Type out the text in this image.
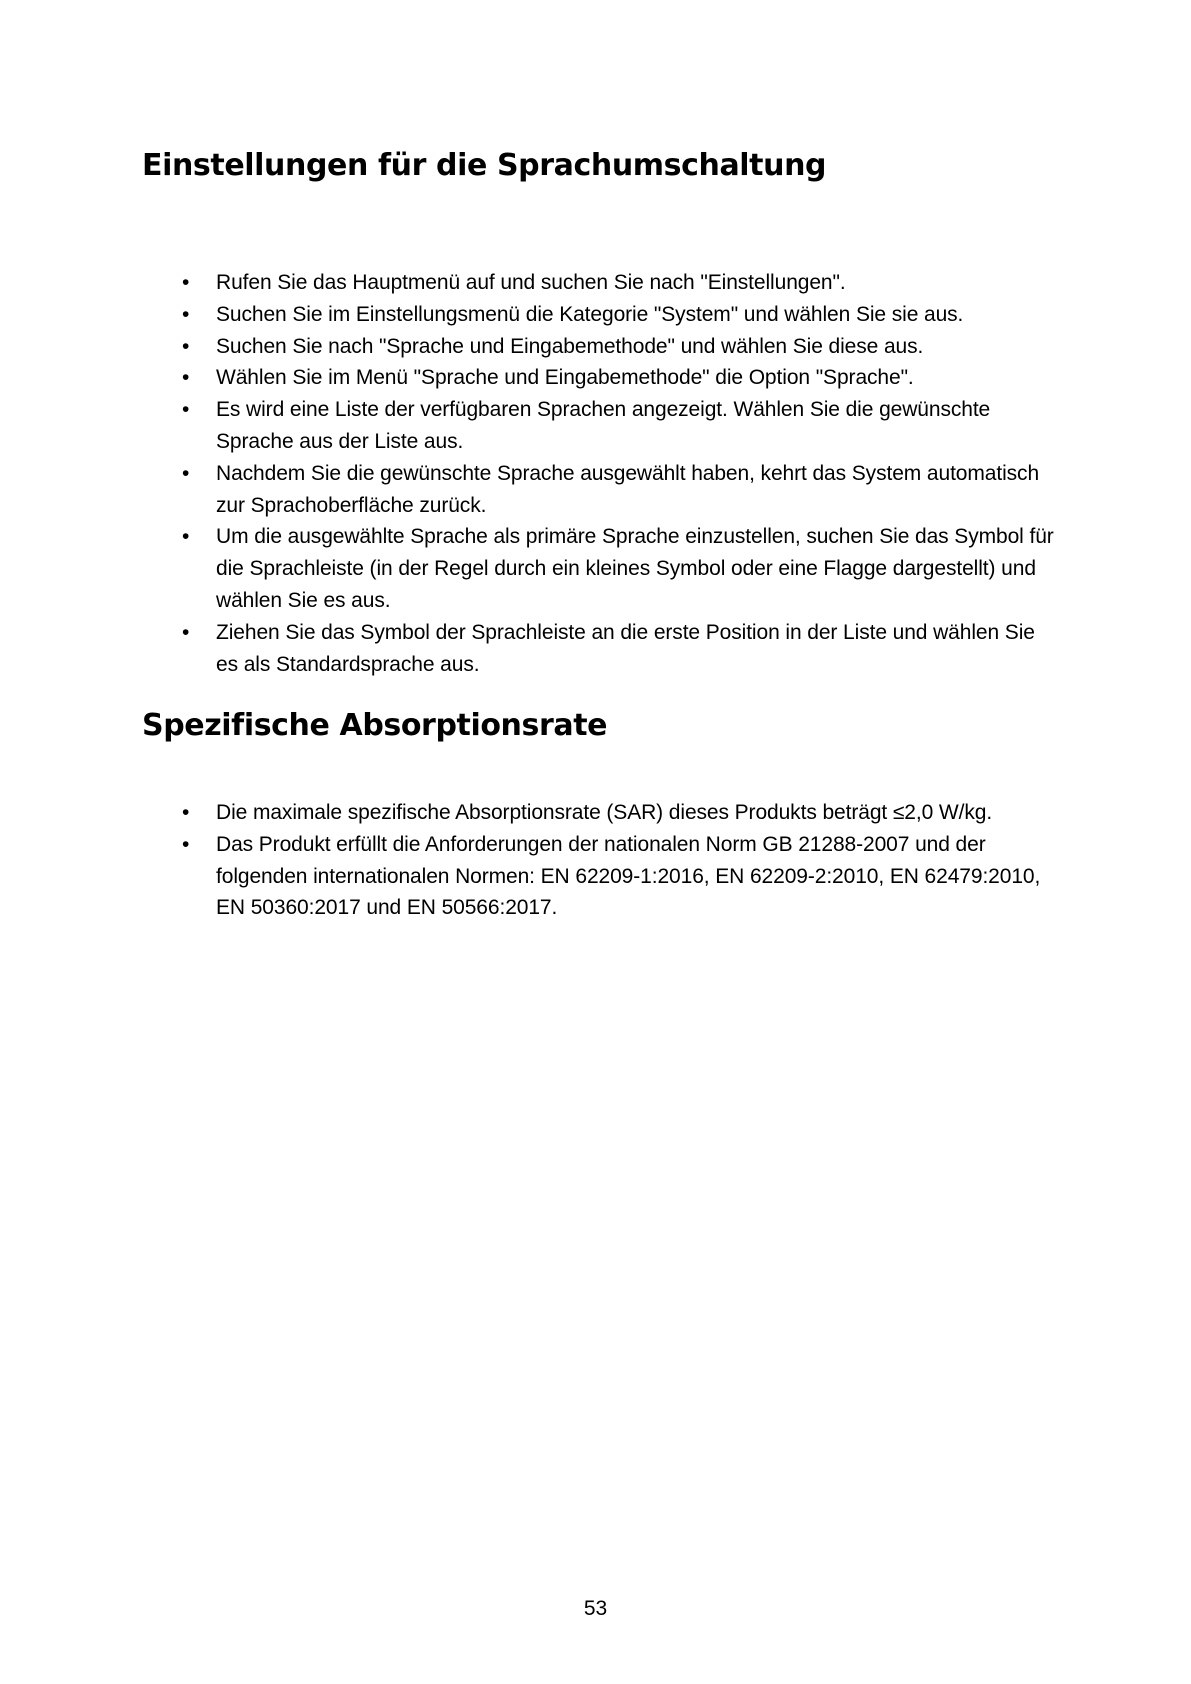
Einstellungen für die Sprachumschaltung
•	Rufen Sie das Hauptmenü auf und suchen Sie nach "Einstellungen".
•	Suchen Sie im Einstellungsmenü die Kategorie "System" und wählen Sie sie aus.
•	Suchen Sie nach "Sprache und Eingabemethode" und wählen Sie diese aus.
•	Wählen Sie im Menü "Sprache und Eingabemethode" die Option "Sprache".
•	Es wird eine Liste der verfügbaren Sprachen angezeigt. Wählen Sie die gewünschte Sprache aus der Liste aus.
•	Nachdem Sie die gewünschte Sprache ausgewählt haben, kehrt das System automatisch zur Sprachoberfläche zurück.
•	Um die ausgewählte Sprache als primäre Sprache einzustellen, suchen Sie das Symbol für die Sprachleiste (in der Regel durch ein kleines Symbol oder eine Flagge dargestellt) und wählen Sie es aus.
•	Ziehen Sie das Symbol der Sprachleiste an die erste Position in der Liste und wählen Sie es als Standardsprache aus.
Spezifische Absorptionsrate
•	Die maximale spezifische Absorptionsrate (SAR) dieses Produkts beträgt ≤2,0 W/kg.
•	Das Produkt erfüllt die Anforderungen der nationalen Norm GB 21288-2007 und der folgenden internationalen Normen: EN 62209-1:2016, EN 62209-2:2010, EN 62479:2010, EN 50360:2017 und EN 50566:2017.
53
